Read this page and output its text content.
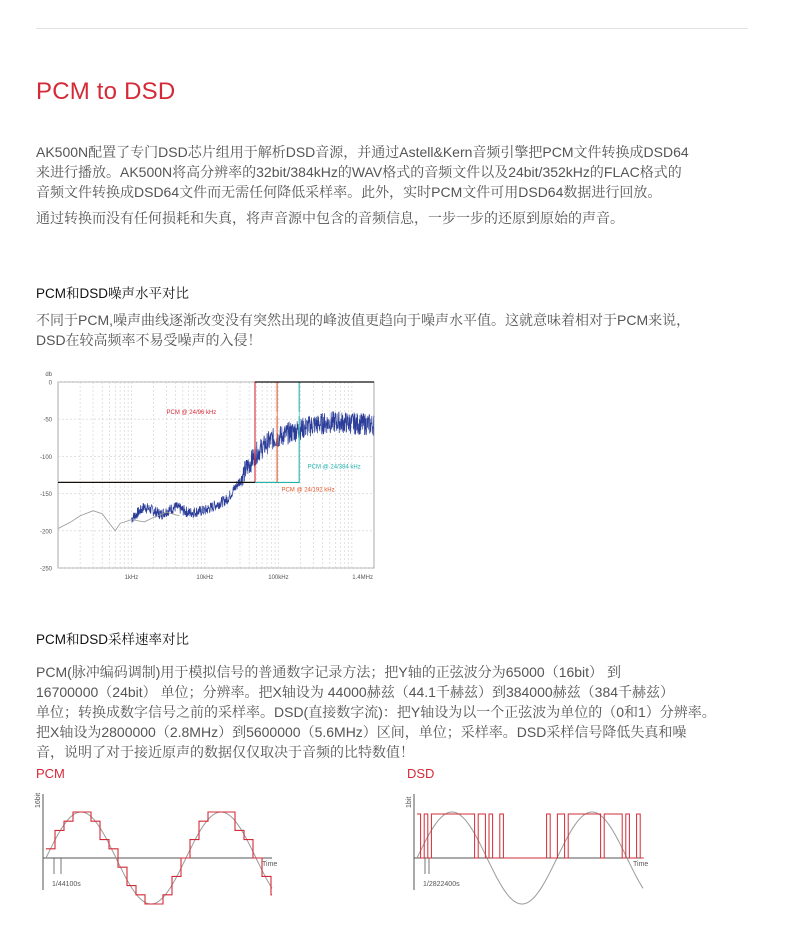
PCM to DSD

AK500N配置了专门DSD芯片组用于解析DSD音源，并通过Astell&Kern音频引擎把PCM文件转换成DSD64
来进行播放。AK500N将高分辨率的32bit/384kHz的WAV格式的音频文件以及24bit/352kHz的FLAC格式的
音频文件转换成DSD64文件而无需任何降低采样率。此外，实时PCM文件可用DSD64数据进行回放。

通过转换而没有任何损耗和失真，将声音源中包含的音频信息，一步一步的还原到原始的声音。

PCM和DSD噪声水平对比

不同于PCM,噪声曲线逐渐改变没有突然出现的峰波值更趋向于噪声水平值。这就意味着相对于PCM来说，
DSD在较高频率不易受噪声的入侵！

0
-50
-100
-150
-200
-250
db
1kHz	10kHz	100kHz	1.4MHz
PCM @ 24/96 kHz
PCM @ 24/192 kHz
PCM @ 24/384 kHz
DSD @ 2.8224 kHz
PCM和DSD采样速率对比

PCM(脉冲编码调制)用于模拟信号的普通数字记录方法；把Y轴的正弦波分为65000（16bit） 到
16700000（24bit） 单位；分辨率。把X轴设为 44000赫兹（44.1千赫兹）到384000赫兹（384千赫兹）
单位；转换成数字信号之前的采样率。DSD(直接数字流)：把Y轴设为以一个正弦波为单位的（0和1）分辨率。
把X轴设为2800000（2.8MHz）到5600000（5.6MHz）区间，单位；采样率。DSD采样信号降低失真和噪
音，说明了对于接近原声的数据仅仅取决于音频的比特数值！

PCM	DSD

16bit
Time
1/44100s
1bit
Time
1/2822400s
